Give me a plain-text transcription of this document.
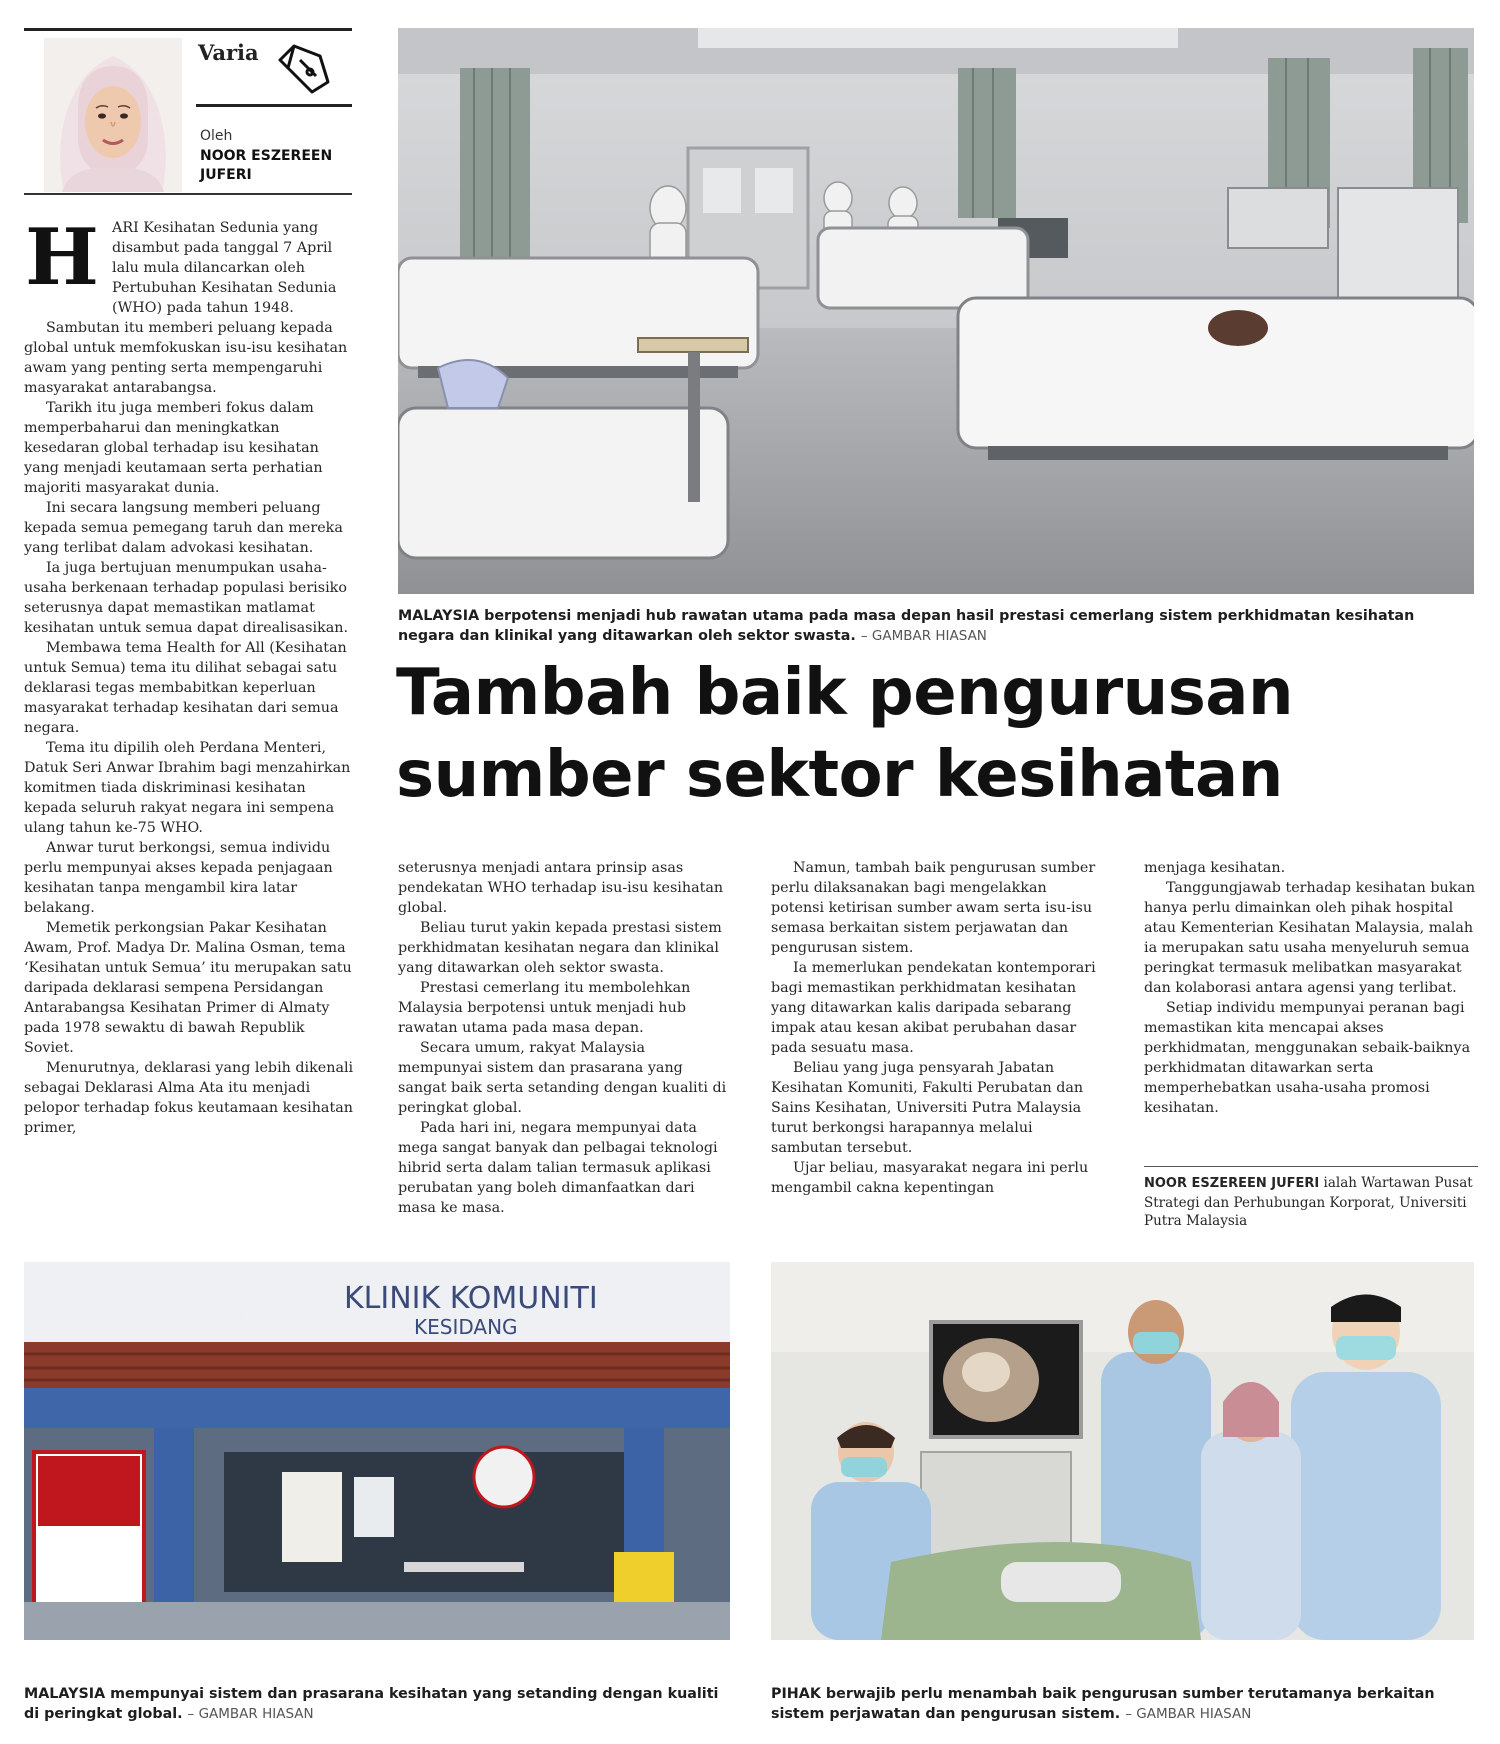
Varia
Oleh
NOOR ESZEREEN JUFERI

HARI Kesihatan Sedunia yang disambut pada tanggal 7 April lalu mula dilancarkan oleh Pertubuhan Kesihatan Sedunia (WHO) pada tahun 1948.

Sambutan itu memberi peluang kepada global untuk memfokuskan isu-isu kesihatan awam yang penting serta mempengaruhi masyarakat antarabangsa.

Tarikh itu juga memberi fokus dalam memperbaharui dan meningkatkan kesedaran global terhadap isu kesihatan yang menjadi keutamaan serta perhatian majoriti masyarakat dunia.

Ini secara langsung memberi peluang kepada semua pemegang taruh dan mereka yang terlibat dalam advokasi kesihatan.

Ia juga bertujuan menumpukan usaha-usaha berkenaan terhadap populasi berisiko seterusnya dapat memastikan matlamat kesihatan untuk semua dapat direalisasikan.

Membawa tema Health for All (Kesihatan untuk Semua) tema itu dilihat sebagai satu deklarasi tegas membabitkan keperluan masyarakat terhadap kesihatan dari semua negara.

Tema itu dipilih oleh Perdana Menteri, Datuk Seri Anwar Ibrahim bagi menzahirkan komitmen tiada diskriminasi kesihatan kepada seluruh rakyat negara ini sempena ulang tahun ke-75 WHO.

Anwar turut berkongsi, semua individu perlu mempunyai akses kepada penjagaan kesihatan tanpa mengambil kira latar belakang.

Memetik perkongsian Pakar Kesihatan Awam, Prof. Madya Dr. Malina Osman, tema ‘Kesihatan untuk Semua’ itu merupakan satu daripada deklarasi sempena Persidangan Antarabangsa Kesihatan Primer di Almaty pada 1978 sewaktu di bawah Republik Soviet.

Menurutnya, deklarasi yang lebih dikenali sebagai Deklarasi Alma Ata itu menjadi pelopor terhadap fokus keutamaan kesihatan primer,

MALAYSIA berpotensi menjadi hub rawatan utama pada masa depan hasil prestasi cemerlang sistem perkhidmatan kesihatan negara dan klinikal yang ditawarkan oleh sektor swasta. – GAMBAR HIASAN
Tambah baik pengurusan
sumber sektor kesihatan

seterusnya menjadi antara prinsip asas pendekatan WHO terhadap isu-isu kesihatan global.

Beliau turut yakin kepada prestasi sistem perkhidmatan kesihatan negara dan klinikal yang ditawarkan oleh sektor swasta.

Prestasi cemerlang itu membolehkan Malaysia berpotensi untuk menjadi hub rawatan utama pada masa depan.

Secara umum, rakyat Malaysia mempunyai sistem dan prasarana yang sangat baik serta setanding dengan kualiti di peringkat global.

Pada hari ini, negara mempunyai data mega sangat banyak dan pelbagai teknologi hibrid serta dalam talian termasuk aplikasi perubatan yang boleh dimanfaatkan dari masa ke masa.

Namun, tambah baik pengurusan sumber perlu dilaksanakan bagi mengelakkan potensi ketirisan sumber awam serta isu-isu semasa berkaitan sistem perjawatan dan pengurusan sistem.

Ia memerlukan pendekatan kontemporari bagi memastikan perkhidmatan kesihatan yang ditawarkan kalis daripada sebarang impak atau kesan akibat perubahan dasar pada sesuatu masa.

Beliau yang juga pensyarah Jabatan Kesihatan Komuniti, Fakulti Perubatan dan Sains Kesihatan, Universiti Putra Malaysia turut berkongsi harapannya melalui sambutan tersebut.

Ujar beliau, masyarakat negara ini perlu mengambil cakna kepentingan

menjaga kesihatan.

Tanggungjawab terhadap kesihatan bukan hanya perlu dimainkan oleh pihak hospital atau Kementerian Kesihatan Malaysia, malah ia merupakan satu usaha menyeluruh semua peringkat termasuk melibatkan masyarakat dan kolaborasi antara agensi yang terlibat.

Setiap individu mempunyai peranan bagi memastikan kita mencapai akses perkhidmatan, menggunakan sebaik-baiknya perkhidmatan ditawarkan serta memperhebatkan usaha-usaha promosi kesihatan.

NOOR ESZEREEN JUFERI ialah Wartawan Pusat Strategi dan Perhubungan Korporat, Universiti Putra Malaysia
KLINIK KOMUNITI
KESIDANG
MALAYSIA mempunyai sistem dan prasarana kesihatan yang setanding dengan kualiti di peringkat global. – GAMBAR HIASAN
PIHAK berwajib perlu menambah baik pengurusan sumber terutamanya berkaitan sistem perjawatan dan pengurusan sistem. – GAMBAR HIASAN
